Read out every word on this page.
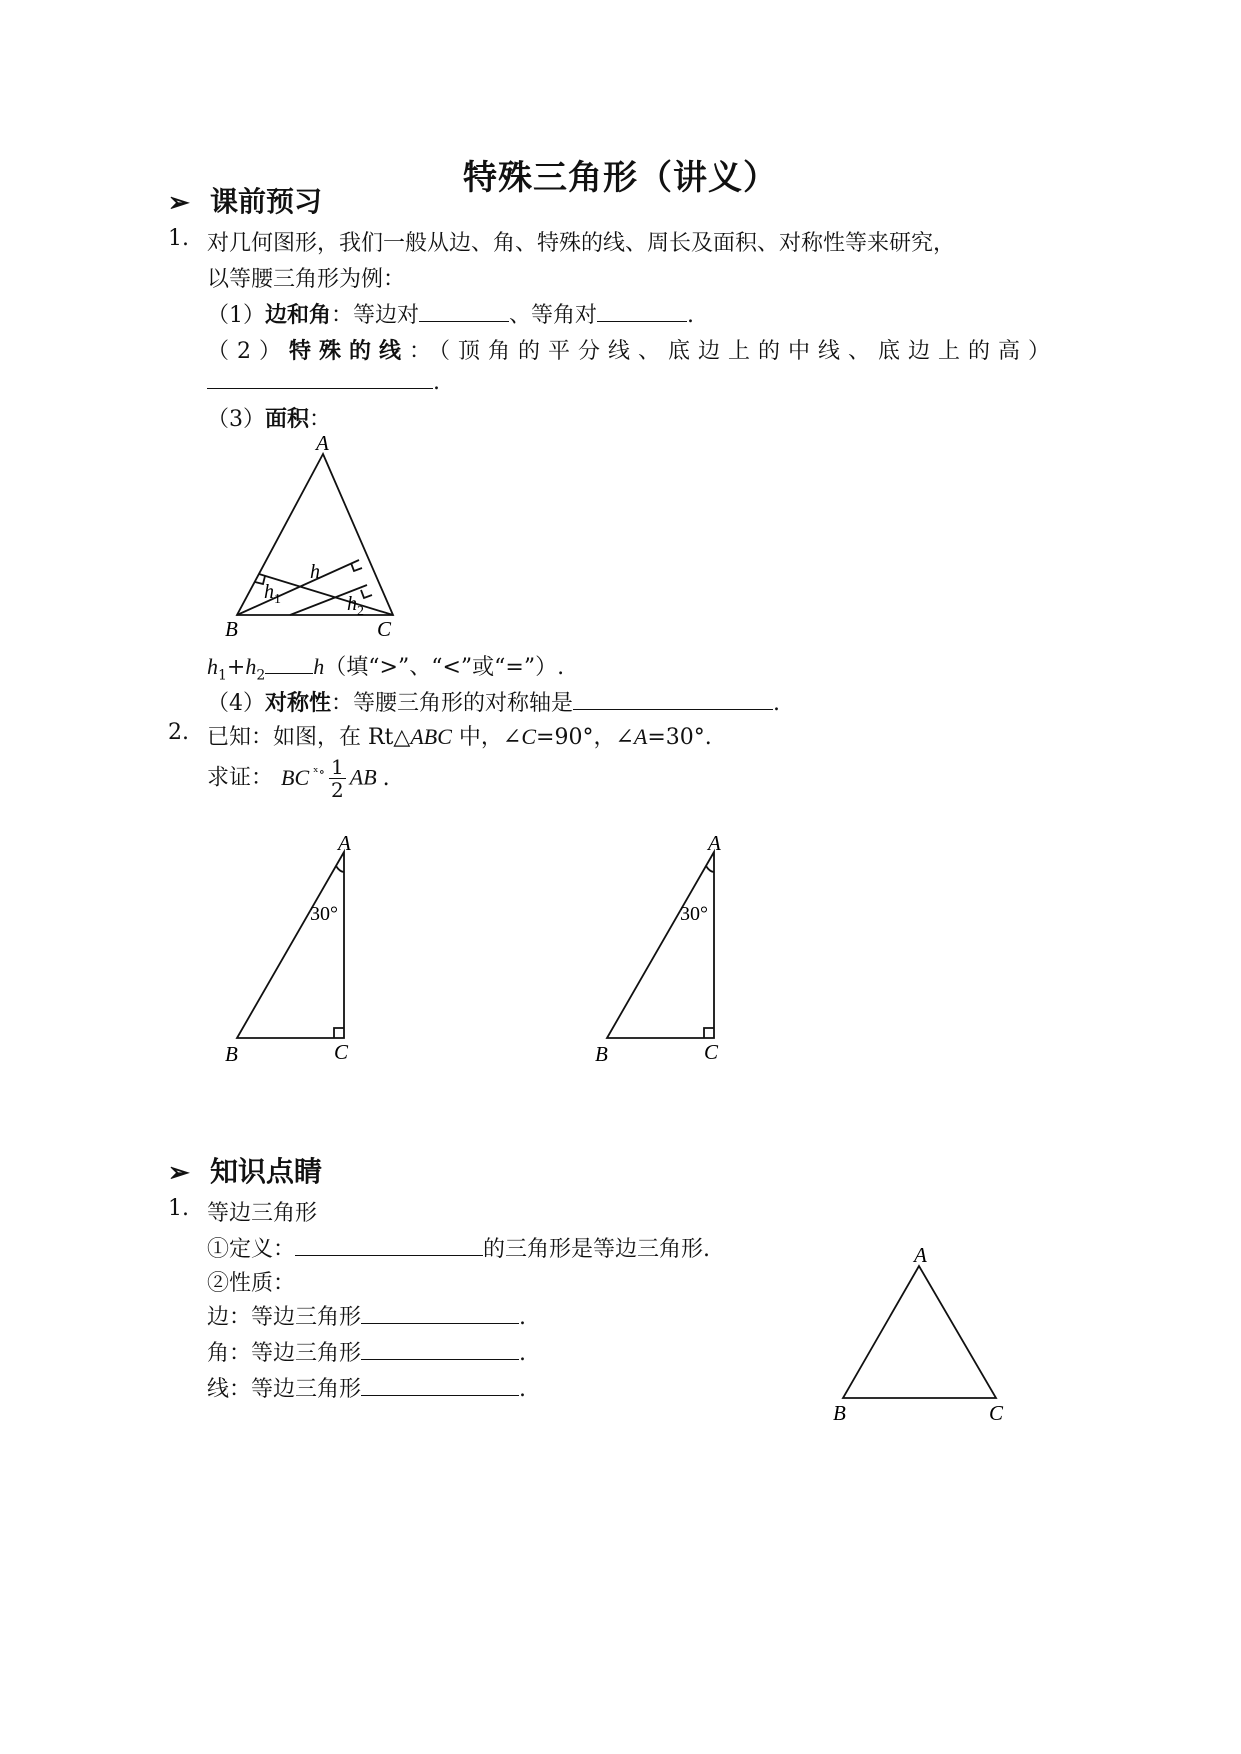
特殊三角形（讲义）
➢ 课前预习
1. 对几何图形，我们一般从边、角、特殊的线、周长及面积、对称性等来研究，
以等腰三角形为例：
（1）边和角：等边对	、等角对	.
（2）特殊的线：（顶角的平分线、底边上的中线、底边上的高）
.
（3）面积：
A
B	C
h
$h_1$	$h_2$
$h_1+h_2$ h（填“>”、“<”或“=”）.
（4）对称性：等腰三角形的对称轴是	.
2. 已知：如图，在 Rt△ABC 中，∠C=90°，∠A=30°.
求证： BC $^{ˣ\circ} \frac{1}{2}$ AB .
A
B	C
30°
A
B	C
30°
➢ 知识点睛
1. 等边三角形
①定义：	的三角形是等边三角形.
②性质：
边：等边三角形	.
角：等边三角形	.
线：等边三角形	.
A
B	C
